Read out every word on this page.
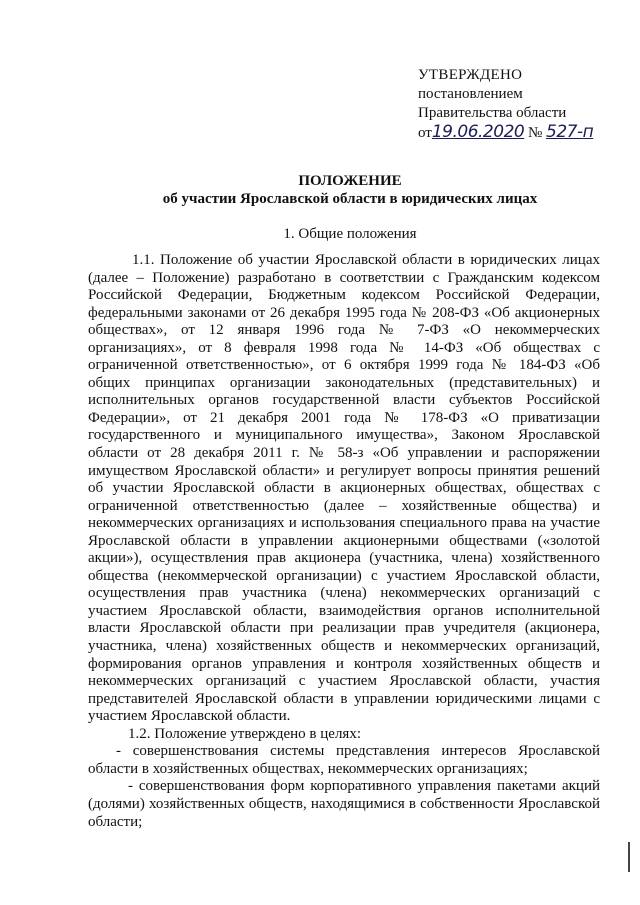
УТВЕРЖДЕНО
постановлением
Правительства области
от19.06.2020 № 527-п
ПОЛОЖЕНИЕ
об участии Ярославской области в юридических лицах
1. Общие положения

1.1. Положение об участии Ярославской области в юридических лицах (далее – Положение) разработано в соответствии с Гражданским кодексом Российской Федерации, Бюджетным кодексом Российской Федерации, федеральными законами от 26 декабря 1995 года № 208-ФЗ «Об акционерных обществах», от 12 января 1996 года № 7-ФЗ «О некоммерческих организациях», от 8 февраля 1998 года № 14-ФЗ «Об обществах с ограниченной ответственностью», от 6 октября 1999 года № 184-ФЗ «Об общих принципах организации законодательных (представительных) и исполнительных органов государственной власти субъектов Российской Федерации», от 21 декабря 2001 года № 178-ФЗ «О приватизации государственного и муниципального имущества», Законом Ярославской области от 28 декабря 2011 г. № 58-з «Об управлении и распоряжении имуществом Ярославской области» и регулирует вопросы принятия решений об участии Ярославской области в акционерных обществах, обществах с ограниченной ответственностью (далее – хозяйственные общества) и некоммерческих организациях и использования специального права на участие Ярославской области в управлении акционерными обществами («золотой акции»), осуществления прав акционера (участника, члена) хозяйственного общества (некоммерческой организации) с участием Ярославской области, осуществления прав участника (члена) некоммерческих организаций с участием Ярославской области, взаимодействия органов исполнительной власти Ярославской области при реализации прав учредителя (акционера, участника, члена) хозяйственных обществ и некоммерческих организаций, формирования органов управления и контроля хозяйственных обществ и некоммерческих организаций с участием Ярославской области, участия представителей Ярославской области в управлении юридическими лицами с участием Ярославской области.

1.2. Положение утверждено в целях:

- совершенствования системы представления интересов Ярославской области в хозяйственных обществах, некоммерческих организациях;

- совершенствования форм корпоративного управления пакетами акций (долями) хозяйственных обществ, находящимися в собственности Ярославской области;
